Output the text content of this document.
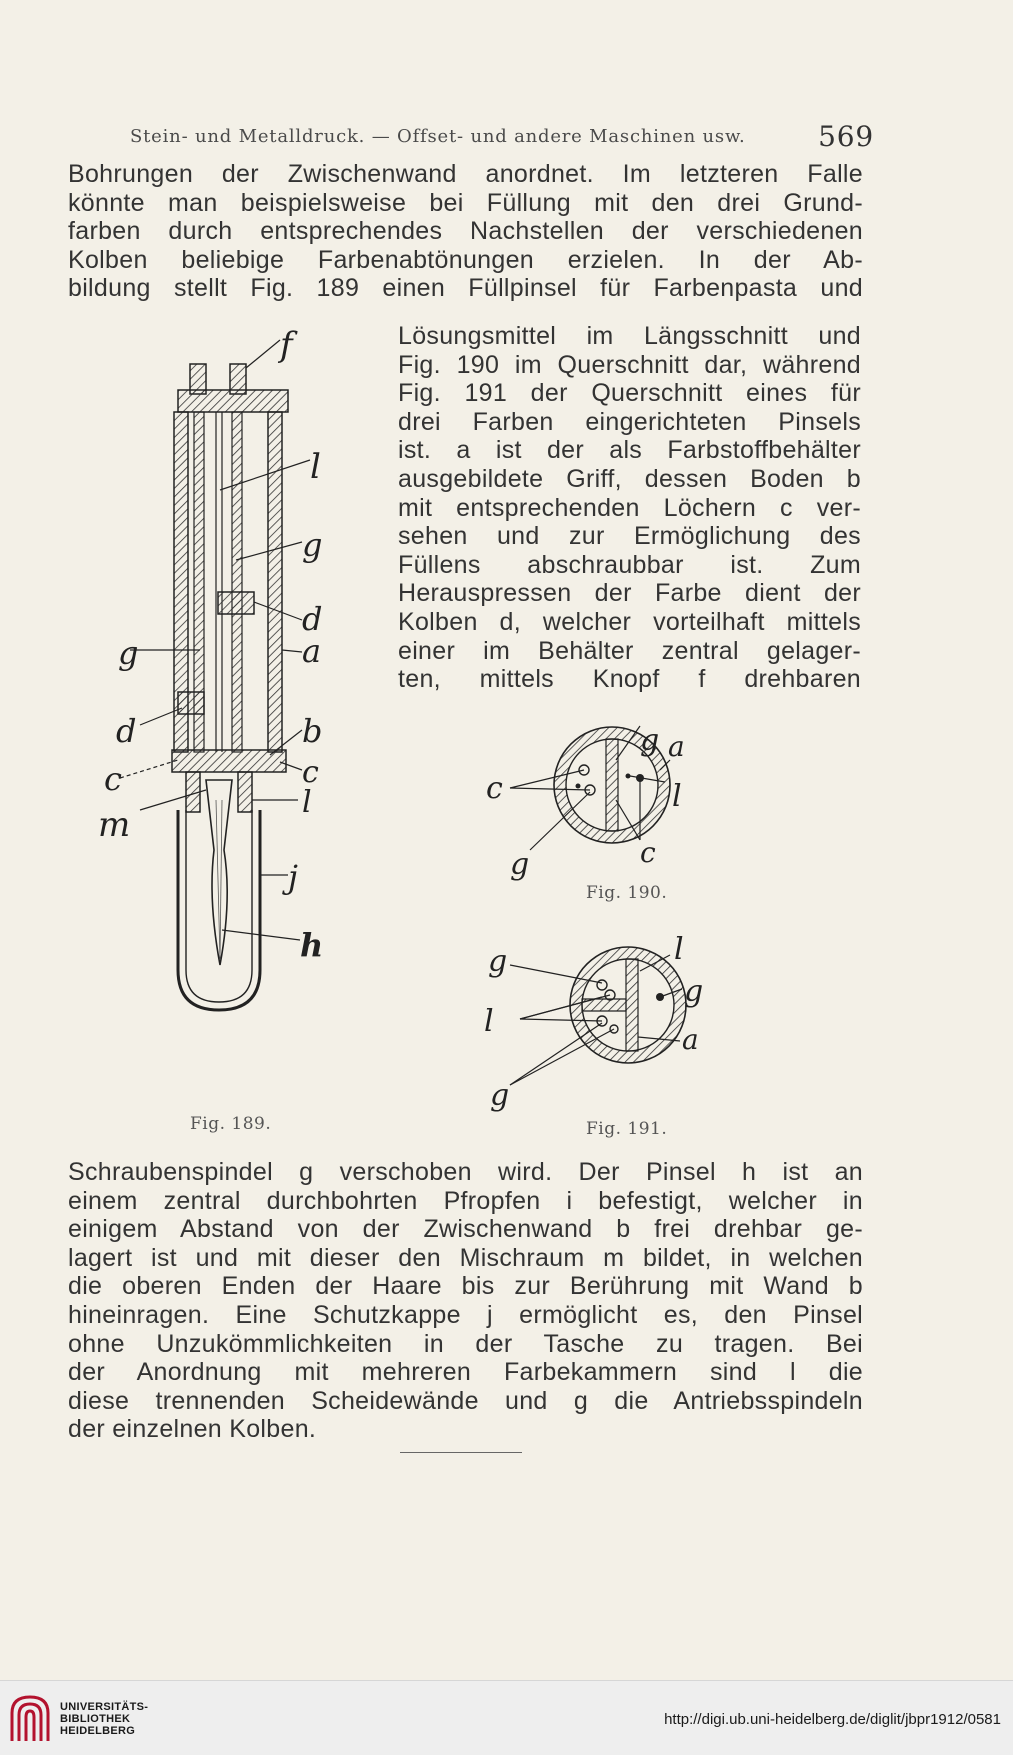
Stein- und Metalldruck. — Offset- und andere Maschinen usw.	569
Bohrungen der Zwischenwand anordnet. Im letzteren Falle
könnte man beispielsweise bei Füllung mit den drei Grund-
farben durch entsprechendes Nachstellen der verschiedenen
Kolben beliebige Farbenabtönungen erzielen. In der Ab-
bildung stellt Fig. 189 einen Füllpinsel für Farbenpasta und
Lösungsmittel im Längsschnitt und
Fig. 190 im Querschnitt dar, während
Fig. 191 der Querschnitt eines für
drei Farben eingerichteten Pinsels
ist. a ist der als Farbstoffbehälter
ausgebildete Griff, dessen Boden b
mit entsprechenden Löchern c ver-
sehen und zur Ermöglichung des
Füllens abschraubbar ist. Zum
Herauspressen der Farbe dient der
Kolben d, welcher vorteilhaft mittels
einer im Behälter zentral gelager-
ten, mittels Knopf f drehbaren
f
l
g
d
g	a
d	b
c	c
l
m
j
h
Fig. 189.
g a
c	l
g	c
Fig. 190.
g	l
g
l
a
g
Fig. 191.
Schraubenspindel g verschoben wird. Der Pinsel h ist an
einem zentral durchbohrten Pfropfen i befestigt, welcher in
einigem Abstand von der Zwischenwand b frei drehbar ge-
lagert ist und mit dieser den Mischraum m bildet, in welchen
die oberen Enden der Haare bis zur Berührung mit Wand b
hineinragen. Eine Schutzkappe j ermöglicht es, den Pinsel
ohne Unzukömmlichkeiten in der Tasche zu tragen. Bei
der Anordnung mit mehreren Farbekammern sind l die
diese trennenden Scheidewände und g die Antriebsspindeln
der einzelnen Kolben.
UNIVERSITÄTS-
BIBLIOTHEK
HEIDELBERG
http://digi.ub.uni-heidelberg.de/diglit/jbpr1912/0581
